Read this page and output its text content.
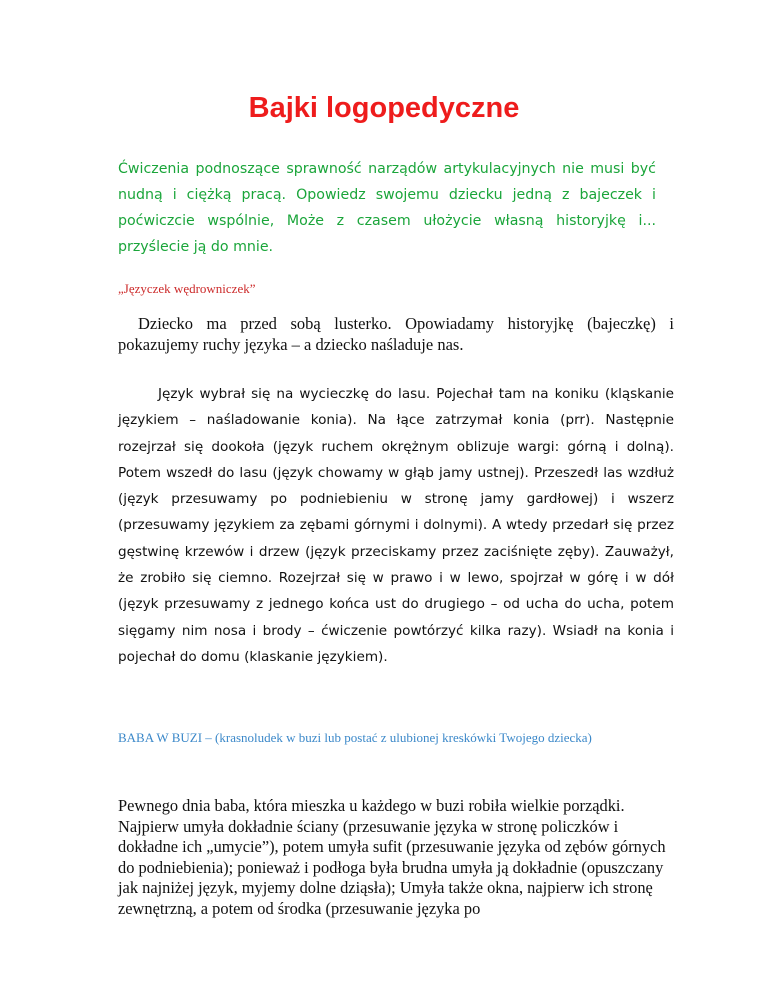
Bajki logopedyczne

Ćwiczenia podnoszące sprawność narządów artykulacyjnych nie musi być nudną i ciężką pracą. Opowiedz swojemu dziecku jedną z bajeczek i poćwiczcie wspólnie, Może z czasem ułożycie własną historyjkę i... przyślecie ją do mnie.

„Języczek wędrowniczek”

Dziecko ma przed sobą lusterko. Opowiadamy historyjkę (bajeczkę) i pokazujemy ruchy języka – a dziecko naśladuje nas.

Język wybrał się na wycieczkę do lasu. Pojechał tam na koniku (kląskanie językiem – naśladowanie konia). Na łące zatrzymał konia (prr). Następnie rozejrzał się dookoła (język ruchem okrężnym oblizuje wargi: górną i dolną). Potem wszedł do lasu (język chowamy w głąb jamy ustnej). Przeszedł las wzdłuż (język przesuwamy po podniebieniu w stronę jamy gardłowej) i wszerz (przesuwamy językiem za zębami górnymi i dolnymi). A wtedy przedarł się przez gęstwinę krzewów i drzew (język przeciskamy przez zaciśnięte zęby). Zauważył, że zrobiło się ciemno. Rozejrzał się w prawo i w lewo, spojrzał w górę i w dół (język przesuwamy z jednego końca ust do drugiego – od ucha do ucha, potem sięgamy nim nosa i brody – ćwiczenie powtórzyć kilka razy). Wsiadł na konia i pojechał do domu (klaskanie językiem).

BABA W BUZI – (krasnoludek w buzi lub postać z ulubionej kreskówki Twojego dziecka)

Pewnego dnia baba, która mieszka u każdego w buzi robiła wielkie porządki. Najpierw umyła dokładnie ściany (przesuwanie języka w stronę policzków i dokładne ich „umycie”), potem umyła sufit (przesuwanie języka od zębów górnych do podniebienia); ponieważ i podłoga była brudna umyła ją dokładnie (opuszczany jak najniżej język, myjemy dolne dziąsła); Umyła także okna, najpierw ich stronę zewnętrzną, a potem od środka (przesuwanie języka po
